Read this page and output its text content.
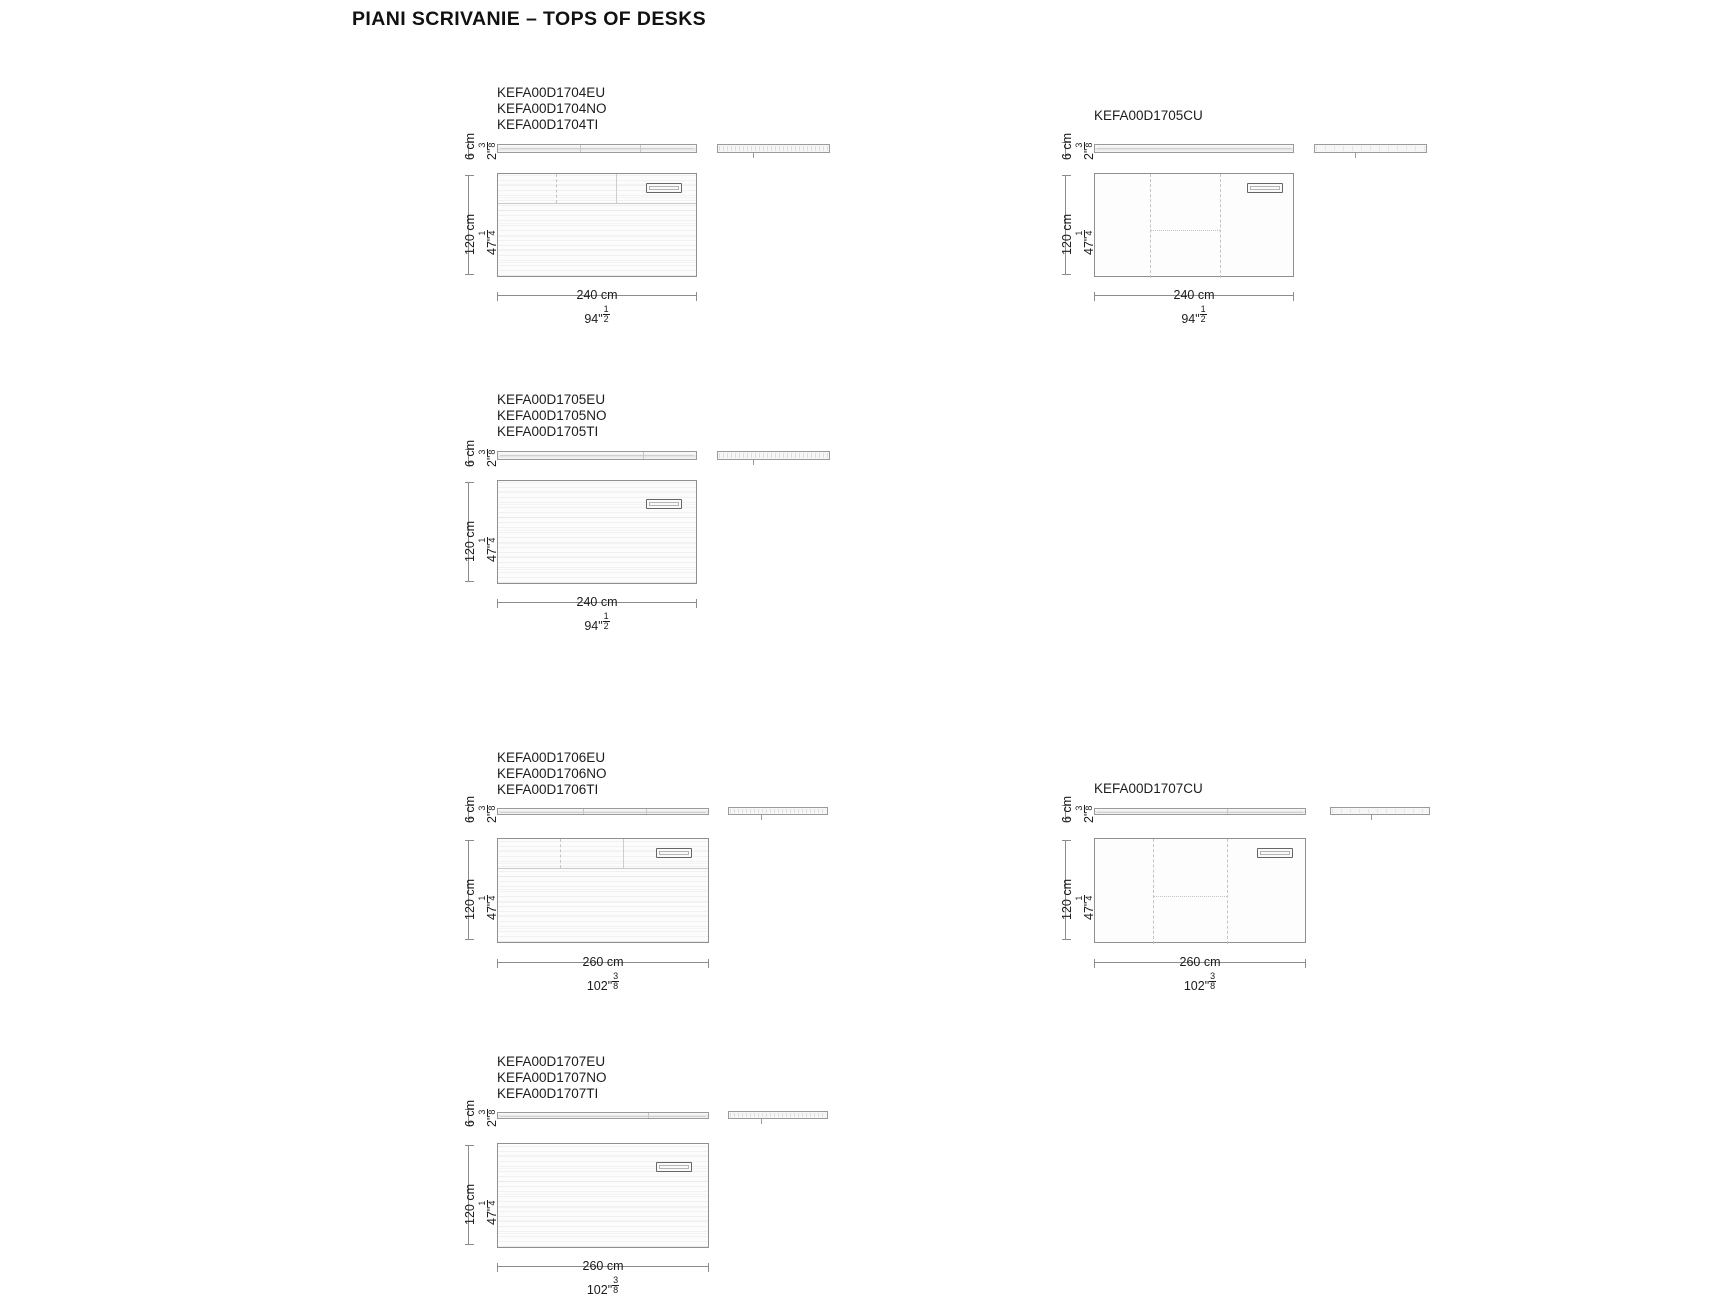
PIANI SCRIVANIE – TOPS OF DESKS
KEFA00D1704EU
KEFA00D1704NO
KEFA00D1704TI
6 cm 2"
3 8
120 cm 47"
1 4
240 cm
94" $\frac{1}{2}$
KEFA00D1705CU
6 cm 2"
3 8
120 cm 47"
1 4
240 cm
94" $\frac{1}{2}$
KEFA00D1705EU
KEFA00D1705NO
KEFA00D1705TI
6 cm 2"
3 8
120 cm 47"
1 4
240 cm
94" $\frac{1}{2}$
KEFA00D1706EU
KEFA00D1706NO
KEFA00D1706TI
6 cm 2"
3 8
120 cm 47"
1 4
260 cm
102" $\frac{3}{8}$
KEFA00D1707CU
6 cm 2"
3 8
120 cm 47"
1 4
260 cm
102" $\frac{3}{8}$
KEFA00D1707EU
KEFA00D1707NO
KEFA00D1707TI
6 cm 2"
3 8
120 cm 47"
1 4
260 cm
102" $\frac{3}{8}$
